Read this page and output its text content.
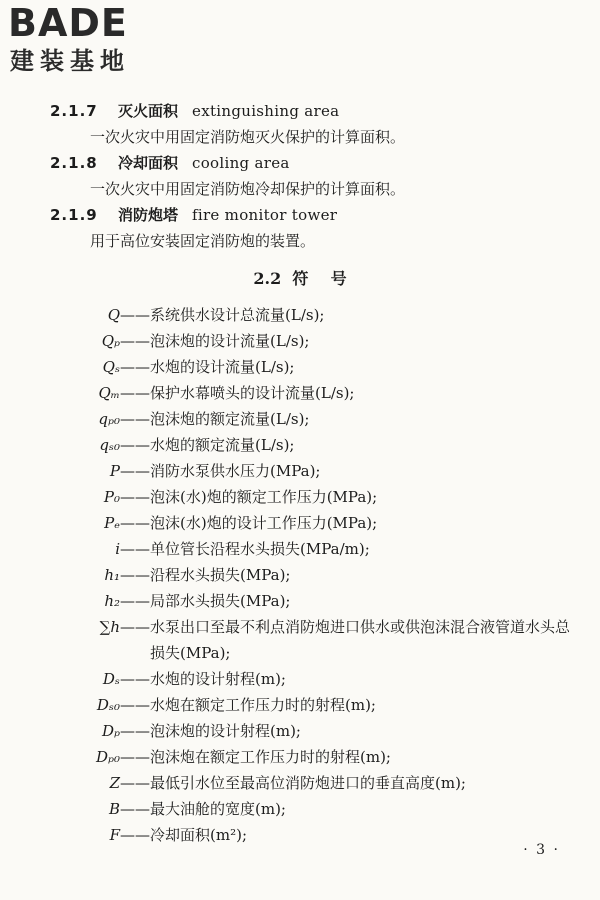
BADE
建装基地
2.1.7 灭火面积 extinguishing area
一次火灾中用固定消防炮灭火保护的计算面积。
2.1.8 冷却面积 cooling area
一次火灾中用固定消防炮冷却保护的计算面积。
2.1.9 消防炮塔 fire monitor tower
用于高位安装固定消防炮的装置。
2.2  符    号
Q——系统供水设计总流量(L/s);
Qₚ——泡沫炮的设计流量(L/s);
Qₛ——水炮的设计流量(L/s);
Qₘ——保护水幕喷头的设计流量(L/s);
qₚ₀——泡沫炮的额定流量(L/s);
qₛ₀——水炮的额定流量(L/s);
P——消防水泵供水压力(MPa);
P₀——泡沫(水)炮的额定工作压力(MPa);
Pₑ——泡沫(水)炮的设计工作压力(MPa);
i——单位管长沿程水头损失(MPa/m);
h₁——沿程水头损失(MPa);
h₂——局部水头损失(MPa);
∑h——水泵出口至最不利点消防炮进口供水或供泡沫混合液管道水头总损失(MPa);
Dₛ——水炮的设计射程(m);
Dₛ₀——水炮在额定工作压力时的射程(m);
Dₚ——泡沫炮的设计射程(m);
Dₚ₀——泡沫炮在额定工作压力时的射程(m);
Z——最低引水位至最高位消防炮进口的垂直高度(m);
B——最大油舱的宽度(m);
F——冷却面积(m²);
· 3 ·
